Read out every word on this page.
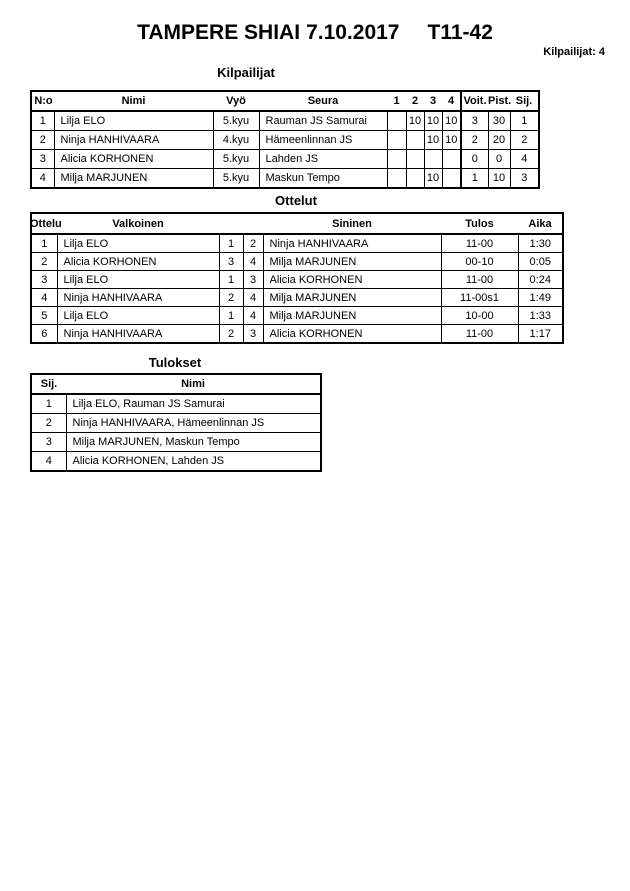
TAMPERE SHIAI 7.10.2017 T11-42
Kilpailijat: 4
Kilpailijat
N:o	Nimi	Vyö	Seura	1	2	3	4	Voit.	Pist.	Sij.
1	Lilja ELO	5.kyu	Rauman JS Samurai		10	10	10	3	30	1
2	Ninja HANHIVAARA	4.kyu	Hämeenlinnan JS			10	10	2	20	2
3	Alicia KORHONEN	5.kyu	Lahden JS					0	0	4
4	Milja MARJUNEN	5.kyu	Maskun Tempo			10		1	10	3
Ottelut
Ottelu	Valkoinen			Sininen	Tulos	Aika
1	Lilja ELO	1	2	Ninja HANHIVAARA	11-00	1:30
2	Alicia KORHONEN	3	4	Milja MARJUNEN	00-10	0:05
3	Lilja ELO	1	3	Alicia KORHONEN	11-00	0:24
4	Ninja HANHIVAARA	2	4	Milja MARJUNEN	11-00s1	1:49
5	Lilja ELO	1	4	Milja MARJUNEN	10-00	1:33
6	Ninja HANHIVAARA	2	3	Alicia KORHONEN	11-00	1:17
Tulokset
Sij.	Nimi
1	Lilja ELO, Rauman JS Samurai
2	Ninja HANHIVAARA, Hämeenlinnan JS
3	Milja MARJUNEN, Maskun Tempo
4	Alicia KORHONEN, Lahden JS
